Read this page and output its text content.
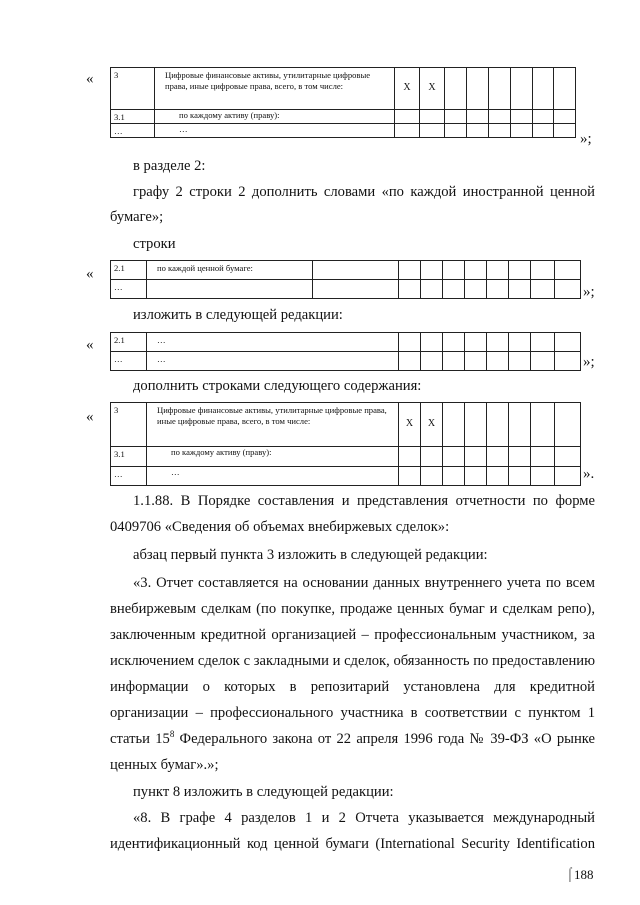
« 3	Цифровые финансовые активы, утилитарные цифровые права, иные цифровые права, всего, в том числе:	X	X						
3.1	по каждому активу (праву):								
…	…								
»;
в разделе 2:
графу 2 строки 2 дополнить словами «по каждой иностранной ценной
бумаге»;
строки
« 2.1	по каждой ценной бумаге:									
…											»;
изложить в следующей редакции:
« 2.1	…								
…	…									»;
дополнить строками следующего содержания:
« 3	Цифровые финансовые активы, утилитарные цифровые права, иные цифровые права, всего, в том числе:	X	X						
3.1	по каждому активу (праву):								
…	…									».
1.1.88. В Порядке составления и представления отчетности по форме
0409706 «Сведения об объемах внебиржевых сделок»:
абзац первый пункта 3 изложить в следующей редакции:
«3. Отчет составляется на основании данных внутреннего учета по всем
внебиржевым сделкам (по покупке, продаже ценных бумаг и сделкам репо),
заключенным кредитной организацией – профессиональным участником, за
исключением сделок с закладными и сделок, обязанность по предоставлению
информации о которых в репозитарий установлена для кредитной
организации – профессионального участника в соответствии с пунктом 1
статьи $15^8$ Федерального закона от 22 апреля 1996 года № 39-ФЗ «О рынке
ценных бумаг».»;
пункт 8 изложить в следующей редакции:
«8. В графе 4 разделов 1 и 2 Отчета указывается международный
идентификационный код ценной бумаги (International Security Identification
⌠ 188
